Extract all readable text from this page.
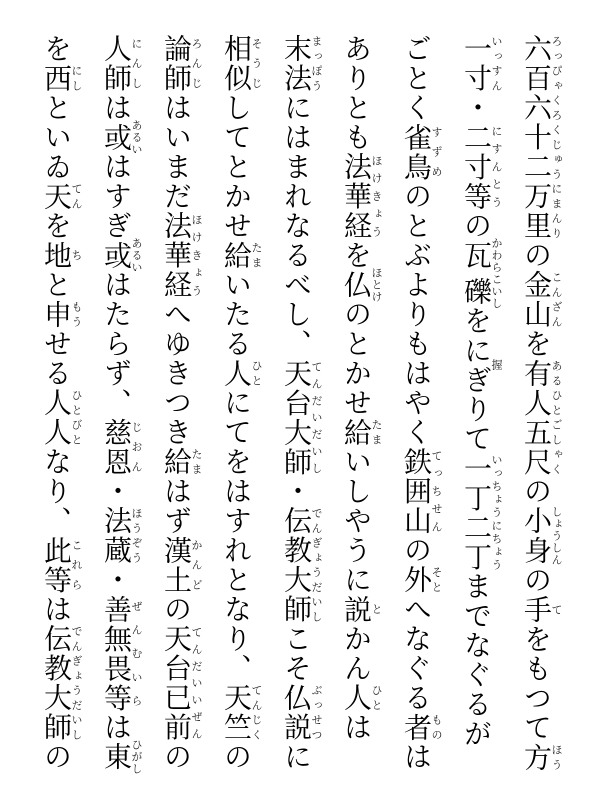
六百六十二万里ろっぴゃくろくじゅうにまんりの金山こんざんを有人五尺あるひとごしゃくの小身しょうしんの手てをもつて方ほう
一寸いっすん・二寸等にすんとうの瓦礫かわらこいしをにぎ握りて一丁二丁いっちょうにちょうまでなぐるが
ごとく雀鳥すずめのとぶよりもはやく鉄囲山てっちせんの外そとへなぐる者ものは
ありとも法華経ほけきょうを仏ほとけのとかせ給たまいしやうに説とかん人ひとは
末法まっぽうにはまれなるべし、天台大師てんだいだいし・伝教大師でんぎょうだいしこそ仏説ぶっせつに
相似そうじしてとかせ給たまいたる人ひとにてをはすれとなり、天竺てんじくの
論師ろんじはいまだ法華経ほけきょうへゆきつき給たまはず漢土かんどの天台已前てんだいいぜんの
人師にんしは或あるいはすぎ或あるいはたらず、慈恩じおん・法蔵ほうぞう・善無畏等ぜんむいらは東ひがし
を西にしといゐ天てんを地ちと申もうせる人人ひとびとなり、此等これらは伝教大師でんぎょうだいしの
